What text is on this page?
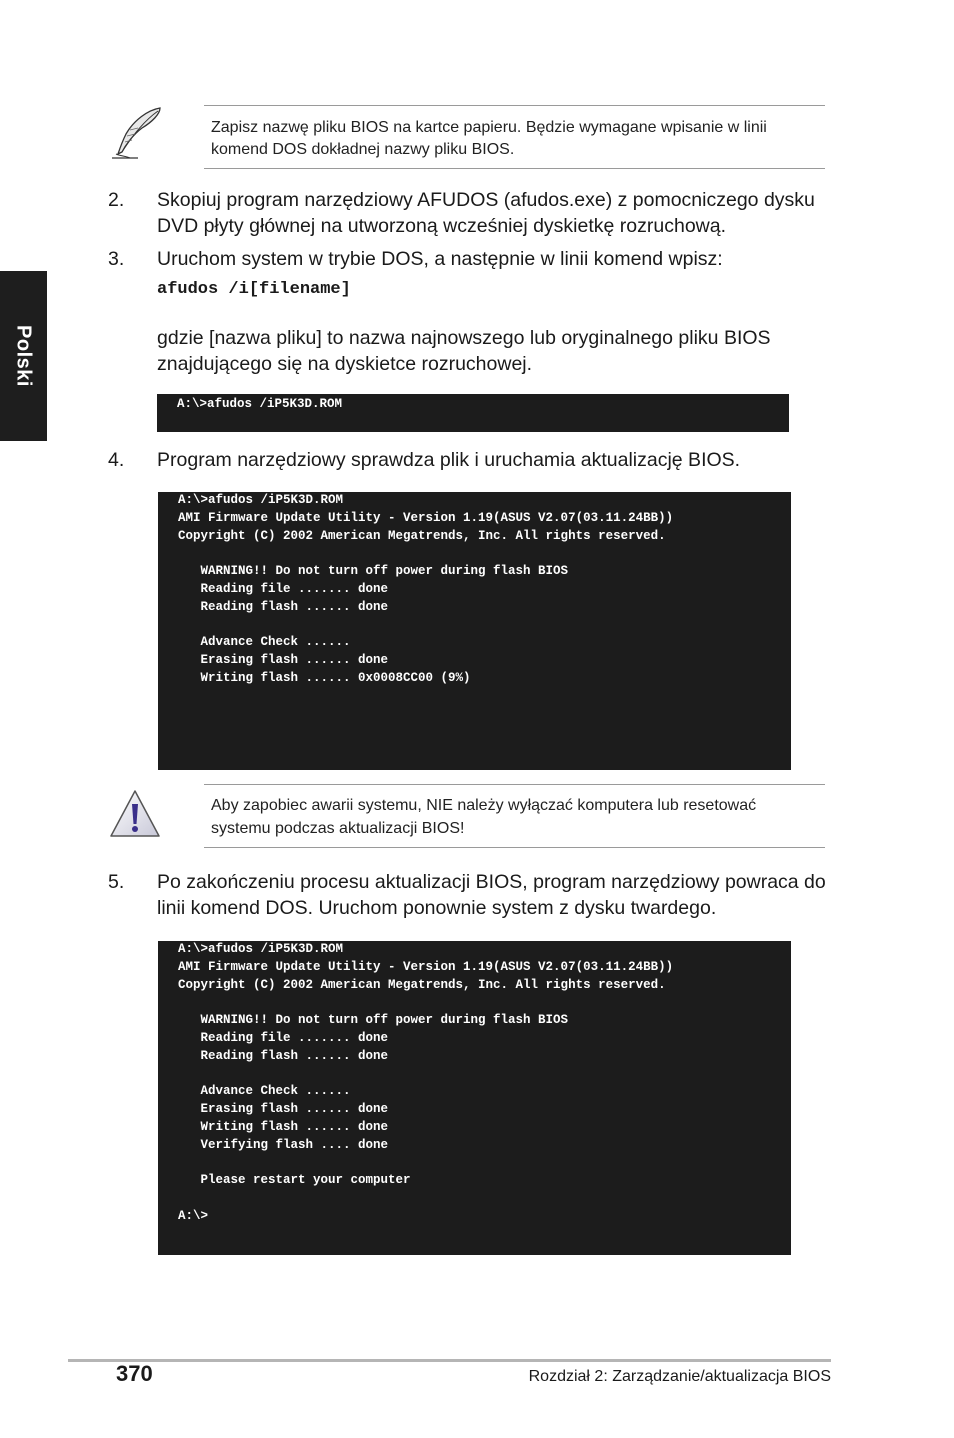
Polski

Zapisz nazwę pliku BIOS na kartce papieru. Będzie wymagane wpisanie w linii

komend DOS dokładnej nazwy pliku BIOS.

2. Skopiuj program narzędziowy AFUDOS (afudos.exe) z pomocniczego dysku
DVD płyty głównej na utworzoną wcześniej dyskietkę rozruchową.
3. Uruchom system w trybie DOS, a następnie w linii komend wpisz:
afudos /i[filename]
gdzie [nazwa pliku] to nazwa najnowszego lub oryginalnego pliku BIOS
znajdującego się na dyskietce rozruchowej.
A:\>afudos /iP5K3D.ROM
4. Program narzędziowy sprawdza plik i uruchamia aktualizację BIOS.
A:\>afudos /iP5K3D.ROM
AMI Firmware Update Utility - Version 1.19(ASUS V2.07(03.11.24BB))
Copyright (C) 2002 American Megatrends, Inc. All rights reserved.
WARNING!! Do not turn off power during flash BIOS
Reading file ....... done
Reading flash ...... done
Advance Check ......
Erasing flash ...... done
Writing flash ...... 0x0008CC00 (9%)

Aby zapobiec awarii systemu, NIE należy wyłączać komputera lub resetować

systemu podczas aktualizacji BIOS!

5. Po zakończeniu procesu aktualizacji BIOS, program narzędziowy powraca do
linii komend DOS. Uruchom ponownie system z dysku twardego.
A:\>afudos /iP5K3D.ROM
AMI Firmware Update Utility - Version 1.19(ASUS V2.07(03.11.24BB))
Copyright (C) 2002 American Megatrends, Inc. All rights reserved.
WARNING!! Do not turn off power during flash BIOS
Reading file ....... done
Reading flash ...... done
Advance Check ......
Erasing flash ...... done
Writing flash ...... done
Verifying flash .... done
Please restart your computer
A:\>
370	Rozdział 2: Zarządzanie/aktualizacja BIOS
